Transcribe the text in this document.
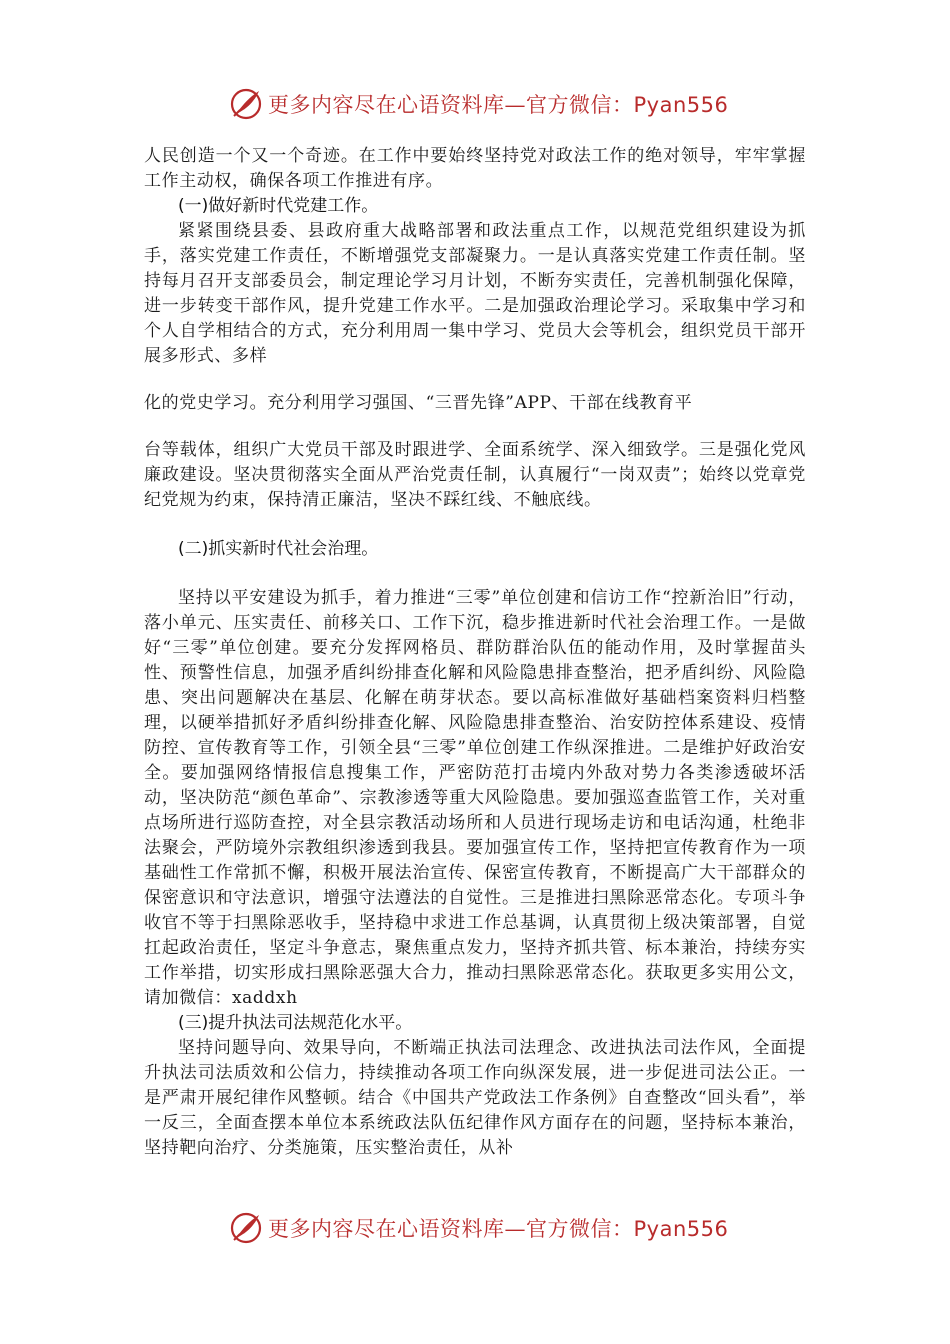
更多内容尽在心语资料库—官方微信：Pyan556

人民创造一个又一个奇迹。在工作中要始终坚持党对政法工作的绝对领导，牢牢掌握工作主动权，确保各项工作推进有序。

(一)做好新时代党建工作。

紧紧围绕县委、县政府重大战略部署和政法重点工作，以规范党组织建设为抓手，落实党建工作责任，不断增强党支部凝聚力。一是认真落实党建工作责任制。坚持每月召开支部委员会，制定理论学习月计划，不断夯实责任，完善机制强化保障，进一步转变干部作风，提升党建工作水平。二是加强政治理论学习。采取集中学习和个人自学相结合的方式，充分利用周一集中学习、党员大会等机会，组织党员干部开展多形式、多样

化的党史学习。充分利用学习强国、“三晋先锋”APP、干部在线教育平

台等载体，组织广大党员干部及时跟进学、全面系统学、深入细致学。三是强化党风廉政建设。坚决贯彻落实全面从严治党责任制，认真履行“一岗双责”；始终以党章党纪党规为约束，保持清正廉洁，坚决不踩红线、不触底线。

(二)抓实新时代社会治理。

坚持以平安建设为抓手，着力推进“三零”单位创建和信访工作“控新治旧”行动，落小单元、压实责任、前移关口、工作下沉，稳步推进新时代社会治理工作。一是做好“三零”单位创建。要充分发挥网格员、群防群治队伍的能动作用，及时掌握苗头性、预警性信息，加强矛盾纠纷排查化解和风险隐患排查整治，把矛盾纠纷、风险隐患、突出问题解决在基层、化解在萌芽状态。要以高标准做好基础档案资料归档整理，以硬举措抓好矛盾纠纷排查化解、风险隐患排查整治、治安防控体系建设、疫情防控、宣传教育等工作，引领全县“三零”单位创建工作纵深推进。二是维护好政治安全。要加强网络情报信息搜集工作，严密防范打击境内外敌对势力各类渗透破坏活动，坚决防范“颜色革命”、宗教渗透等重大风险隐患。要加强巡查监管工作，关对重点场所进行巡防查控，对全县宗教活动场所和人员进行现场走访和电话沟通，杜绝非法聚会，严防境外宗教组织渗透到我县。要加强宣传工作，坚持把宣传教育作为一项基础性工作常抓不懈，积极开展法治宣传、保密宣传教育，不断提高广大干部群众的保密意识和守法意识，增强守法遵法的自觉性。三是推进扫黑除恶常态化。专项斗争收官不等于扫黑除恶收手，坚持稳中求进工作总基调，认真贯彻上级决策部署，自觉扛起政治责任，坚定斗争意志，聚焦重点发力，坚持齐抓共管、标本兼治，持续夯实工作举措，切实形成扫黑除恶强大合力，推动扫黑除恶常态化。获取更多实用公文，请加微信：xaddxh

(三)提升执法司法规范化水平。

坚持问题导向、效果导向，不断端正执法司法理念、改进执法司法作风，全面提升执法司法质效和公信力，持续推动各项工作向纵深发展，进一步促进司法公正。一是严肃开展纪律作风整顿。结合《中国共产党政法工作条例》自查整改“回头看”，举一反三，全面查摆本单位本系统政法队伍纪律作风方面存在的问题，坚持标本兼治，坚持靶向治疗、分类施策，压实整治责任，从补

更多内容尽在心语资料库—官方微信：Pyan556
